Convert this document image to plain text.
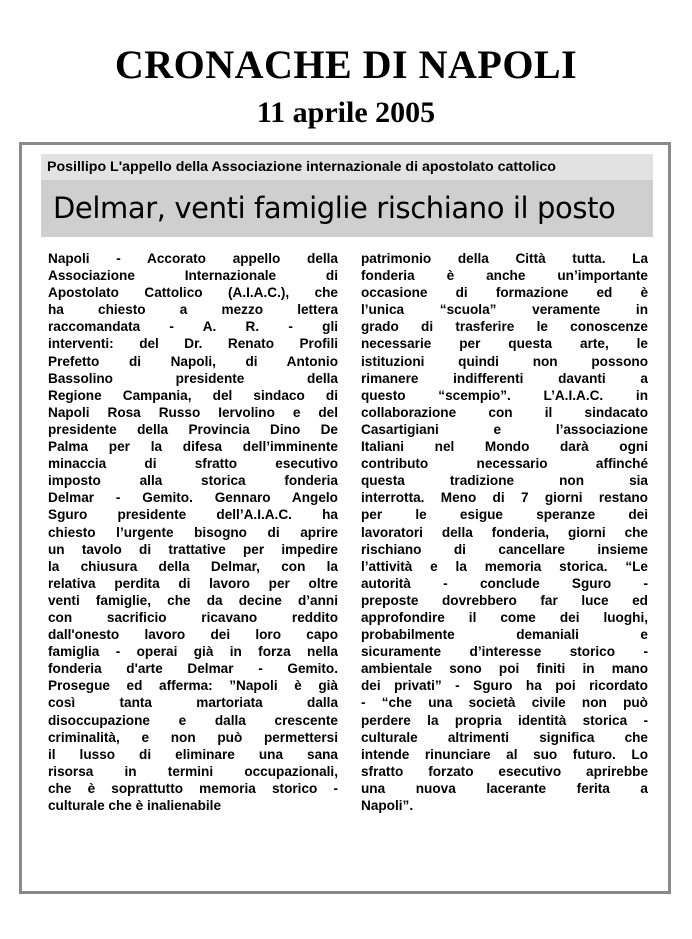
CRONACHE DI NAPOLI
11 aprile 2005
Posillipo L'appello della Associazione internazionale di apostolato cattolico
Delmar, venti famiglie rischiano il posto
Napoli - Accorato appello della
Associazione Internazionale di
Apostolato Cattolico (A.I.A.C.), che
ha chiesto a mezzo lettera
raccomandata - A. R. - gli
interventi: del Dr. Renato Profili
Prefetto di Napoli, di Antonio
Bassolino presidente della
Regione Campania, del sindaco di
Napoli Rosa Russo Iervolino e del
presidente della Provincia Dino De
Palma per la difesa dell’imminente
minaccia di sfratto esecutivo
imposto alla storica fonderia
Delmar - Gemito. Gennaro Angelo
Sguro presidente dell’A.I.A.C. ha
chiesto l’urgente bisogno di aprire
un tavolo di trattative per impedire
la chiusura della Delmar, con la
relativa perdita di lavoro per oltre
venti famiglie, che da decine d’anni
con sacrificio ricavano reddito
dall'onesto lavoro dei loro capo
famiglia - operai già in forza nella
fonderia d'arte Delmar - Gemito.
Prosegue ed afferma: ”Napoli è già
così tanta martoriata dalla
disoccupazione e dalla crescente
criminalità, e non può permettersi
il lusso di eliminare una sana
risorsa in termini occupazionali,
che è soprattutto memoria storico -
culturale che è inalienabile
patrimonio della Città tutta. La
fonderia è anche un’importante
occasione di formazione ed è
l’unica “scuola” veramente in
grado di trasferire le conoscenze
necessarie per questa arte, le
istituzioni quindi non possono
rimanere indifferenti davanti a
questo “scempio”. L’A.I.A.C. in
collaborazione con il sindacato
Casartigiani e l’associazione
Italiani nel Mondo darà ogni
contributo necessario affinché
questa tradizione non sia
interrotta. Meno di 7 giorni restano
per le esigue speranze dei
lavoratori della fonderia, giorni che
rischiano di cancellare insieme
l’attività e la memoria storica. “Le
autorità - conclude Sguro -
preposte dovrebbero far luce ed
approfondire il come dei luoghi,
probabilmente demaniali e
sicuramente d’interesse storico -
ambientale sono poi finiti in mano
dei privati” - Sguro ha poi ricordato
- “che una società civile non può
perdere la propria identità storica -
culturale altrimenti significa che
intende rinunciare al suo futuro. Lo
sfratto forzato esecutivo aprirebbe
una nuova lacerante ferita a
Napoli”.
